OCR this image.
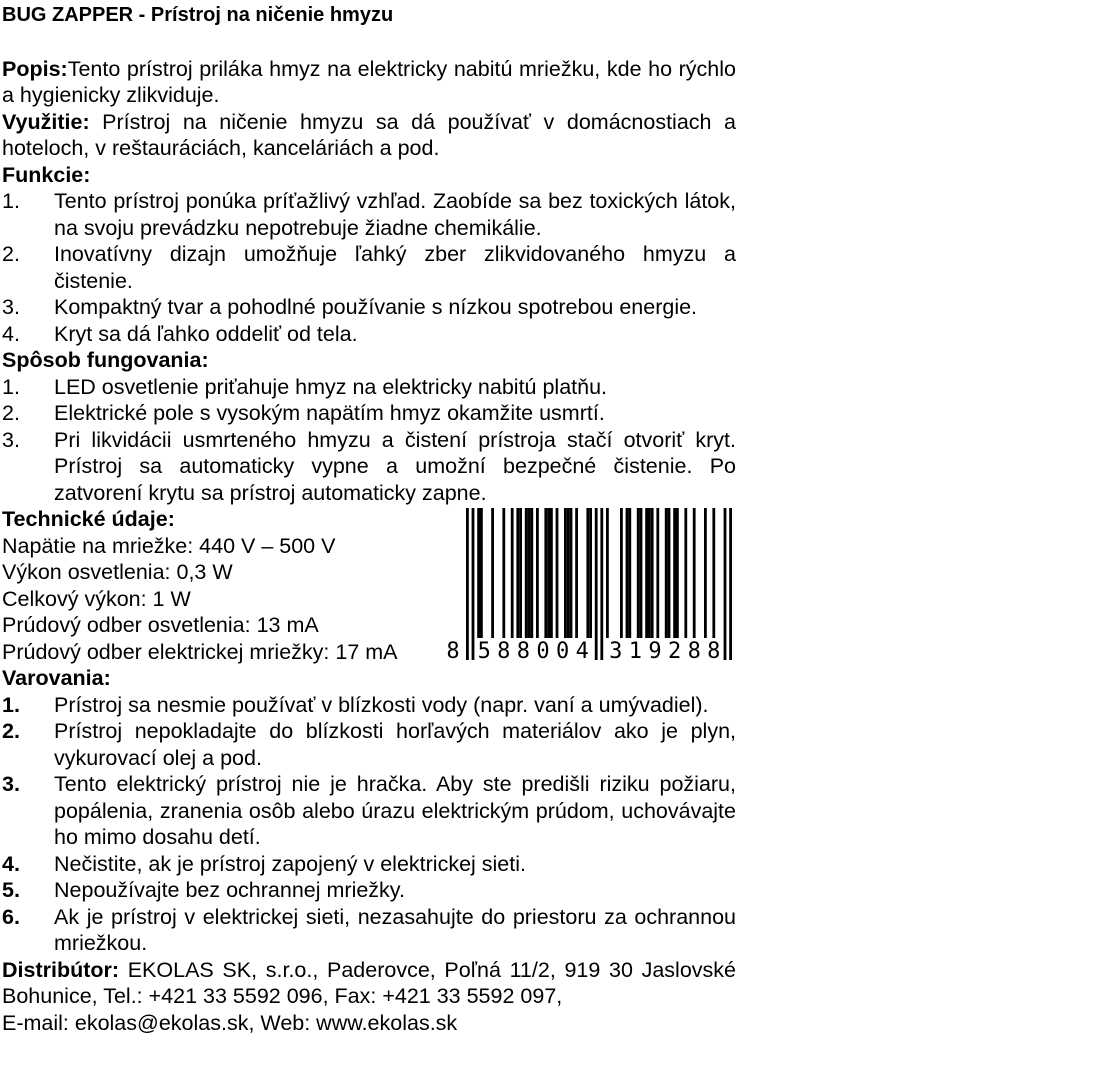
BUG ZAPPER - Prístroj na ničenie hmyzu
Popis:Tento prístroj priláka hmyz na elektricky nabitú mriežku, kde ho rýchlo a hygienicky zlikviduje.
Využitie: Prístroj na ničenie hmyzu sa dá používať v domácnostiach a hoteloch, v reštauráciách, kanceláriách a pod.
Funkcie:
1.	Tento prístroj ponúka príťažlivý vzhľad. Zaobíde sa bez toxických látok, na svoju prevádzku nepotrebuje žiadne chemikálie.
2.	Inovatívny dizajn umožňuje ľahký zber zlikvidovaného hmyzu a čistenie.
3.	Kompaktný tvar a pohodlné používanie s nízkou spotrebou energie.
4.	Kryt sa dá ľahko oddeliť od tela.
Spôsob fungovania:
1.	LED osvetlenie priťahuje hmyz na elektricky nabitú platňu.
2.	Elektrické pole s vysokým napätím hmyz okamžite usmrtí.
3.	Pri likvidácii usmrteného hmyzu a čistení prístroja stačí otvoriť kryt. Prístroj sa automaticky vypne a umožní bezpečné čistenie. Po zatvorení krytu sa prístroj automaticky zapne.
Technické údaje:
Napätie na mriežke: 440 V – 500 V
Výkon osvetlenia: 0,3 W
Celkový výkon: 1 W
Prúdový odber osvetlenia: 13 mA
Prúdový odber elektrickej mriežky: 17 mA	8 5 8 8 0 0 4 3 1 9 2 8 8
Varovania:
1.	Prístroj sa nesmie používať v blízkosti vody (napr. vaní a umývadiel).
2.	Prístroj nepokladajte do blízkosti horľavých materiálov ako je plyn, vykurovací olej a pod.
3.	Tento elektrický prístroj nie je hračka. Aby ste predišli riziku požiaru, popálenia, zranenia osôb alebo úrazu elektrickým prúdom, uchovávajte ho mimo dosahu detí.
4.	Nečistite, ak je prístroj zapojený v elektrickej sieti.
5.	Nepoužívajte bez ochrannej mriežky.
6.	Ak je prístroj v elektrickej sieti, nezasahujte do priestoru za ochrannou mriežkou.
Distribútor: EKOLAS SK, s.r.o., Paderovce, Poľná 11/2, 919 30 Jaslovské Bohunice, Tel.: +421 33 5592 096, Fax: +421 33 5592 097,
E-mail: ekolas@ekolas.sk, Web: www.ekolas.sk
